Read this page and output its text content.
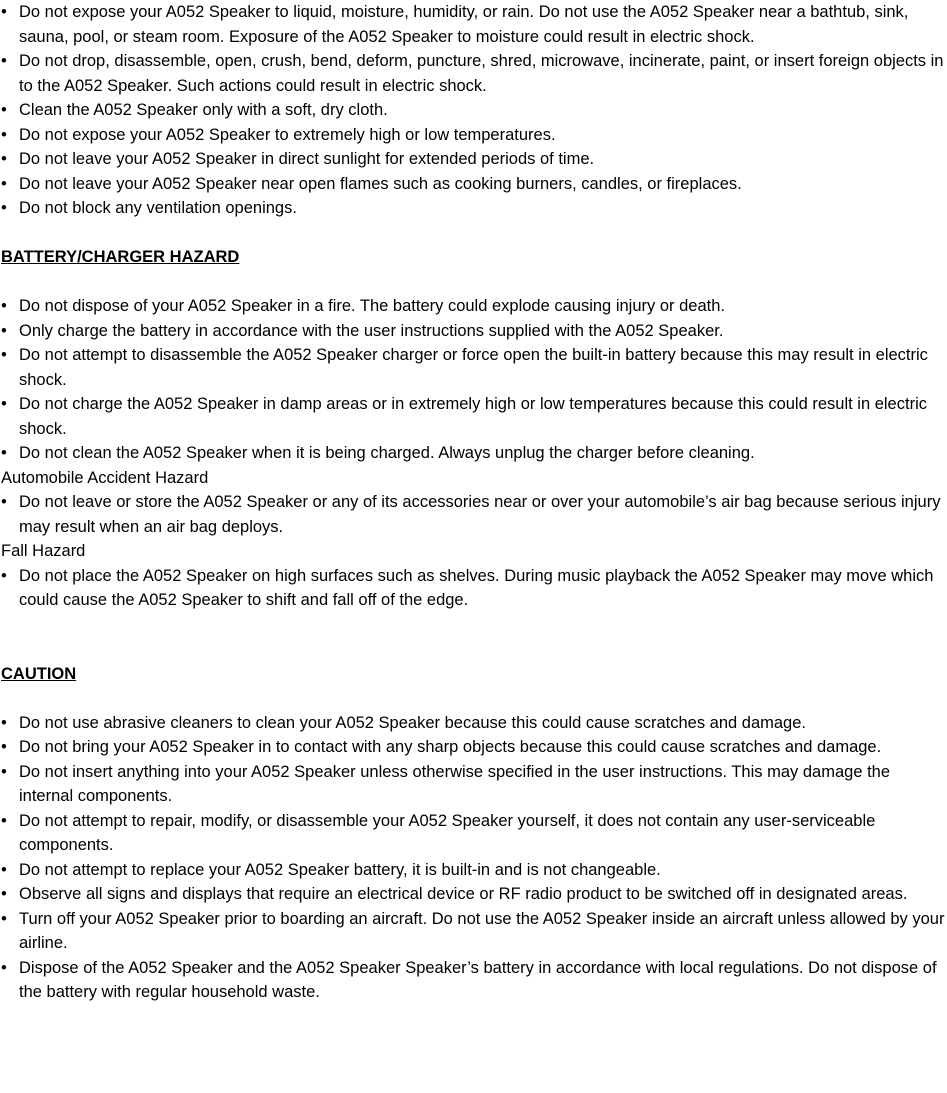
• Do not expose your A052 Speaker to liquid, moisture, humidity, or rain. Do not use the A052 Speaker near a bathtub, sink, sauna, pool, or steam room. Exposure of the A052 Speaker to moisture could result in electric shock.
• Do not drop, disassemble, open, crush, bend, deform, puncture, shred, microwave, incinerate, paint, or insert foreign objects in to the A052 Speaker. Such actions could result in electric shock.
• Clean the A052 Speaker only with a soft, dry cloth.
• Do not expose your A052 Speaker to extremely high or low temperatures.
• Do not leave your A052 Speaker in direct sunlight for extended periods of time.
• Do not leave your A052 Speaker near open flames such as cooking burners, candles, or fireplaces.
• Do not block any ventilation openings.
BATTERY/CHARGER HAZARD
• Do not dispose of your A052 Speaker in a fire. The battery could explode causing injury or death.
• Only charge the battery in accordance with the user instructions supplied with the A052 Speaker.
• Do not attempt to disassemble the A052 Speaker charger or force open the built-in battery because this may result in electric shock.
• Do not charge the A052 Speaker in damp areas or in extremely high or low temperatures because this could result in electric shock.
• Do not clean the A052 Speaker when it is being charged. Always unplug the charger before cleaning.
Automobile Accident Hazard
• Do not leave or store the A052 Speaker or any of its accessories near or over your automobile’s air bag because serious injury may result when an air bag deploys.
Fall Hazard
• Do not place the A052 Speaker on high surfaces such as shelves. During music playback the A052 Speaker may move which could cause the A052 Speaker to shift and fall off of the edge.
CAUTION
• Do not use abrasive cleaners to clean your A052 Speaker because this could cause scratches and damage.
• Do not bring your A052 Speaker in to contact with any sharp objects because this could cause scratches and damage.
• Do not insert anything into your A052 Speaker unless otherwise specified in the user instructions. This may damage the internal components.
• Do not attempt to repair, modify, or disassemble your A052 Speaker yourself, it does not contain any user-serviceable components.
• Do not attempt to replace your A052 Speaker battery, it is built-in and is not changeable.
• Observe all signs and displays that require an electrical device or RF radio product to be switched off in designated areas.
• Turn off your A052 Speaker prior to boarding an aircraft. Do not use the A052 Speaker inside an aircraft unless allowed by your airline.
• Dispose of the A052 Speaker and the A052 Speaker Speaker’s battery in accordance with local regulations. Do not dispose of the battery with regular household waste.
